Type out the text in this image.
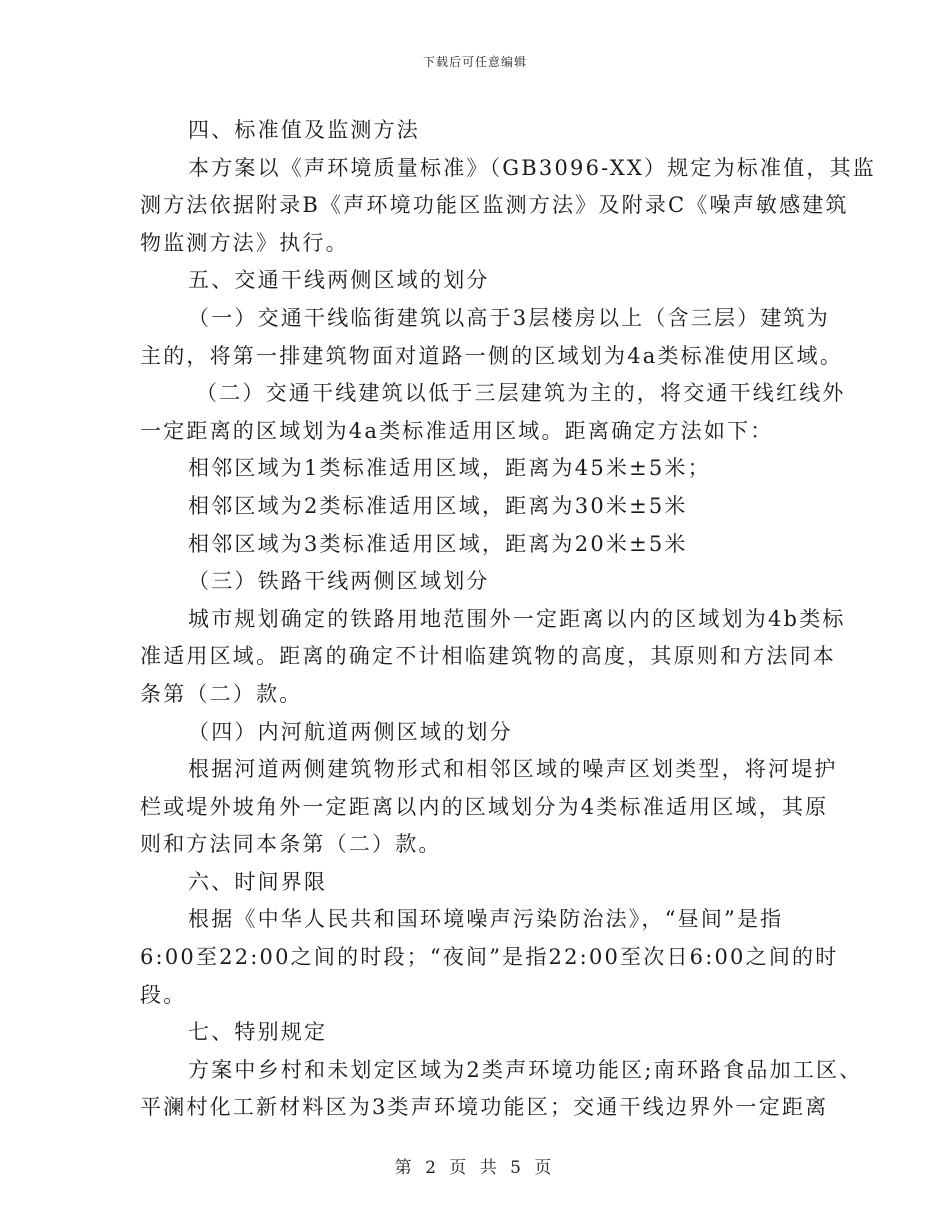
下载后可任意编辑
四、标准值及监测方法
本方案以《声环境质量标准》（GB3096-XX）规定为标准值，其监
测方法依据附录B《声环境功能区监测方法》及附录C《噪声敏感建筑
物监测方法》执行。
五、交通干线两侧区域的划分
（一）交通干线临街建筑以高于3层楼房以上（含三层）建筑为
主的，将第一排建筑物面对道路一侧的区域划为4a类标准使用区域。
（二）交通干线建筑以低于三层建筑为主的，将交通干线红线外
一定距离的区域划为4a类标准适用区域。距离确定方法如下：
相邻区域为1类标准适用区域，距离为45米±5米；
相邻区域为2类标准适用区域，距离为30米±5米
相邻区域为3类标准适用区域，距离为20米±5米
（三）铁路干线两侧区域划分
城市规划确定的铁路用地范围外一定距离以内的区域划为4b类标
准适用区域。距离的确定不计相临建筑物的高度，其原则和方法同本
条第（二）款。
（四）内河航道两侧区域的划分
根据河道两侧建筑物形式和相邻区域的噪声区划类型，将河堤护
栏或堤外坡角外一定距离以内的区域划分为4类标准适用区域，其原
则和方法同本条第（二）款。
六、时间界限
根据《中华人民共和国环境噪声污染防治法》，“昼间”是指
6:00至22:00之间的时段；“夜间”是指22:00至次日6:00之间的时
段。
七、特别规定
方案中乡村和未划定区域为2类声环境功能区;南环路食品加工区、
平澜村化工新材料区为3类声环境功能区；交通干线边界外一定距离
第 2 页 共 5 页
